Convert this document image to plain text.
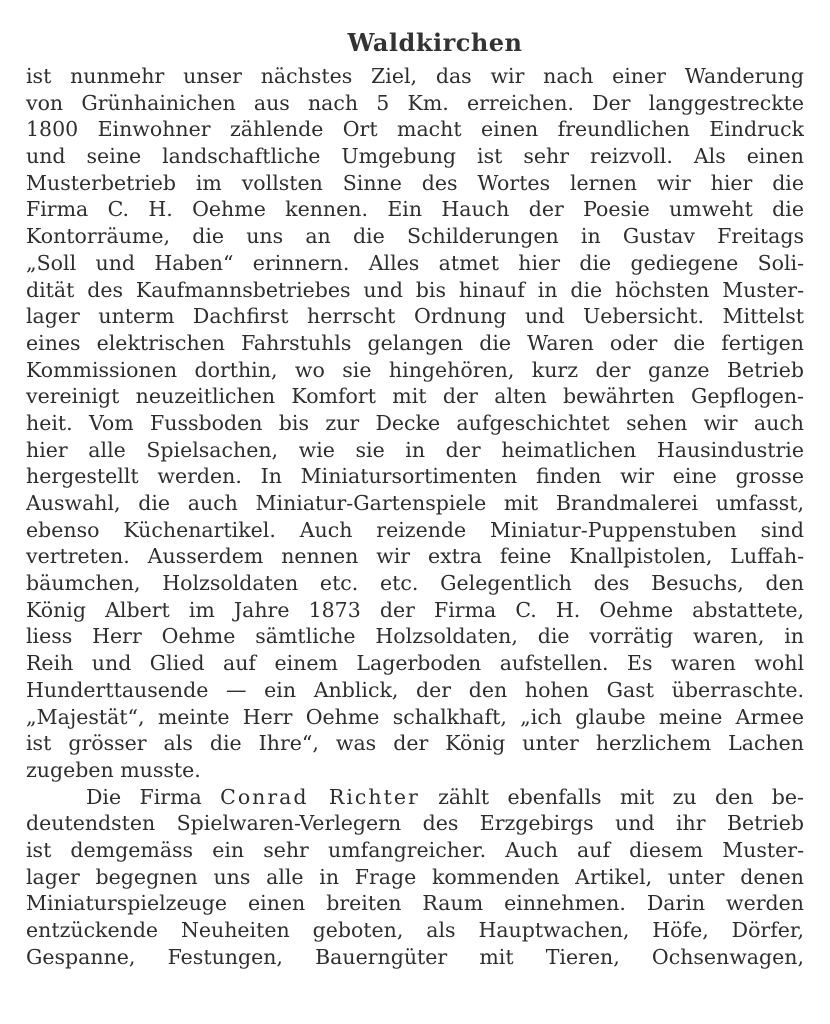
Waldkirchen
ist nunmehr unser nächstes Ziel, das wir nach einer Wanderung
von Grünhainichen aus nach 5 Km. erreichen. Der langgestreckte
1800 Einwohner zählende Ort macht einen freundlichen Eindruck
und seine landschaftliche Umgebung ist sehr reizvoll. Als einen
Musterbetrieb im vollsten Sinne des Wortes lernen wir hier die
Firma C. H. Oehme kennen. Ein Hauch der Poesie umweht die
Kontorräume, die uns an die Schilderungen in Gustav Freitags
„Soll und Haben“ erinnern. Alles atmet hier die gediegene Soli-
dität des Kaufmannsbetriebes und bis hinauf in die höchsten Muster-
lager unterm Dachfirst herrscht Ordnung und Uebersicht. Mittelst
eines elektrischen Fahrstuhls gelangen die Waren oder die fertigen
Kommissionen dorthin, wo sie hingehören, kurz der ganze Betrieb
vereinigt neuzeitlichen Komfort mit der alten bewährten Gepflogen-
heit. Vom Fussboden bis zur Decke aufgeschichtet sehen wir auch
hier alle Spielsachen, wie sie in der heimatlichen Hausindustrie
hergestellt werden. In Miniatursortimenten finden wir eine grosse
Auswahl, die auch Miniatur-Gartenspiele mit Brandmalerei umfasst,
ebenso Küchenartikel. Auch reizende Miniatur-Puppenstuben sind
vertreten. Ausserdem nennen wir extra feine Knallpistolen, Luffah-
bäumchen, Holzsoldaten etc. etc. Gelegentlich des Besuchs, den
König Albert im Jahre 1873 der Firma C. H. Oehme abstattete,
liess Herr Oehme sämtliche Holzsoldaten, die vorrätig waren, in
Reih und Glied auf einem Lagerboden aufstellen. Es waren wohl
Hunderttausende — ein Anblick, der den hohen Gast überraschte.
„Majestät“, meinte Herr Oehme schalkhaft, „ich glaube meine Armee
ist grösser als die Ihre“, was der König unter herzlichem Lachen
zugeben musste.
Die Firma Conrad Richter zählt ebenfalls mit zu den be-
deutendsten Spielwaren-Verlegern des Erzgebirgs und ihr Betrieb
ist demgemäss ein sehr umfangreicher. Auch auf diesem Muster-
lager begegnen uns alle in Frage kommenden Artikel, unter denen
Miniaturspielzeuge einen breiten Raum einnehmen. Darin werden
entzückende Neuheiten geboten, als Hauptwachen, Höfe, Dörfer,
Gespanne, Festungen, Bauerngüter mit Tieren, Ochsenwagen,
